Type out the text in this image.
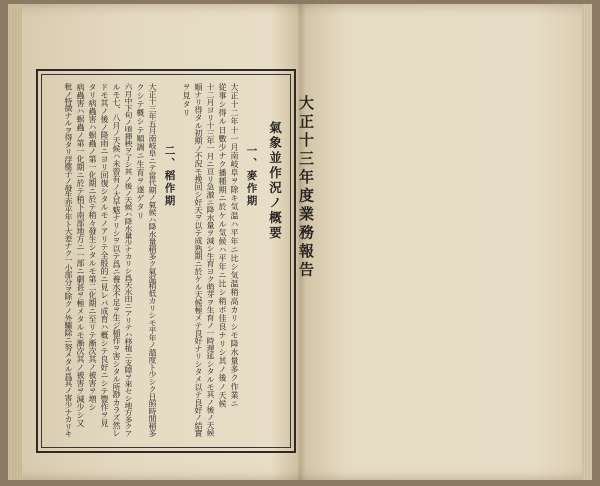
大正十三年度業務報告
氣象並作況ノ概要
一、麥作期
大正十二年十一月南岐阜ヲ除キ気温ハ平年ニ比シ気温稍高カリシモ降水量多ク作業ニ
從事シ得ル日數少ナク播種期ニ於ケル気候ハ平年ニ比シ稍ボ佳良ナリシ其ノ後ノ天候
十二月ヨリ十三年一月ニ亘リ急激ニ降水量ヲ減シ生育ヨク萌芽ヲ生育ノ一時遅延シタルモ其ノ後ノ天候
順ナリ得タル初期ノ不況モ挽回シ好天ヲ以テ成熟期ニ於ケル天候極メテ良好ナリシタメ以テ良好ノ結實
ヲ見タリ
二、稻作期
大正十三年五月南岐阜ニテ當代期ノ氣候ハ降水量稍多ク氣温稍低カリシモ平年ノ溫度ト少シク日照時間稍多
クシテ概シテ順調ニ生育ヲ遂ゲタリ
六月中下旬ノ頃挿秧ヲ了シ其ノ後ノ天候ハ降水量少ナカリシ爲天水田ニアリテハ移植ニ支障ヲ來セシ地方多クア
ルモ七、八月ノ天候ハ未曾有ノ大旱魃ナリシヲ以テ爲ニ養水不足ヲ生ジ稲作ヲ害シタル所尠カラズ然レ
ドモ其ノ後ノ降雨ニヨリ回復シタルモノアリテ全般的ニ見レバ成育ハ概シテ良好ニシテ豐作ヲ見
タリ病蟲害ハ螟蟲ノ第一化期ニ於テ稍々發生シタルモ第二化期ニ至リテ漸次其ノ被害ヲ増シ
病蟲害ハ螟蟲ノ第一化期ニ於テ稍下南部地方ニ一部ニ劇甚ヲ極メタルモ漸次其ノ被害ヲ減少シ又
秕ノ特徴ナルヲ得タリ浮塵子ノ發生亦平年ト大差ナク一小部分ヲ除クノ外驅除ニ努メタル爲其ノ害少ナカリキ
